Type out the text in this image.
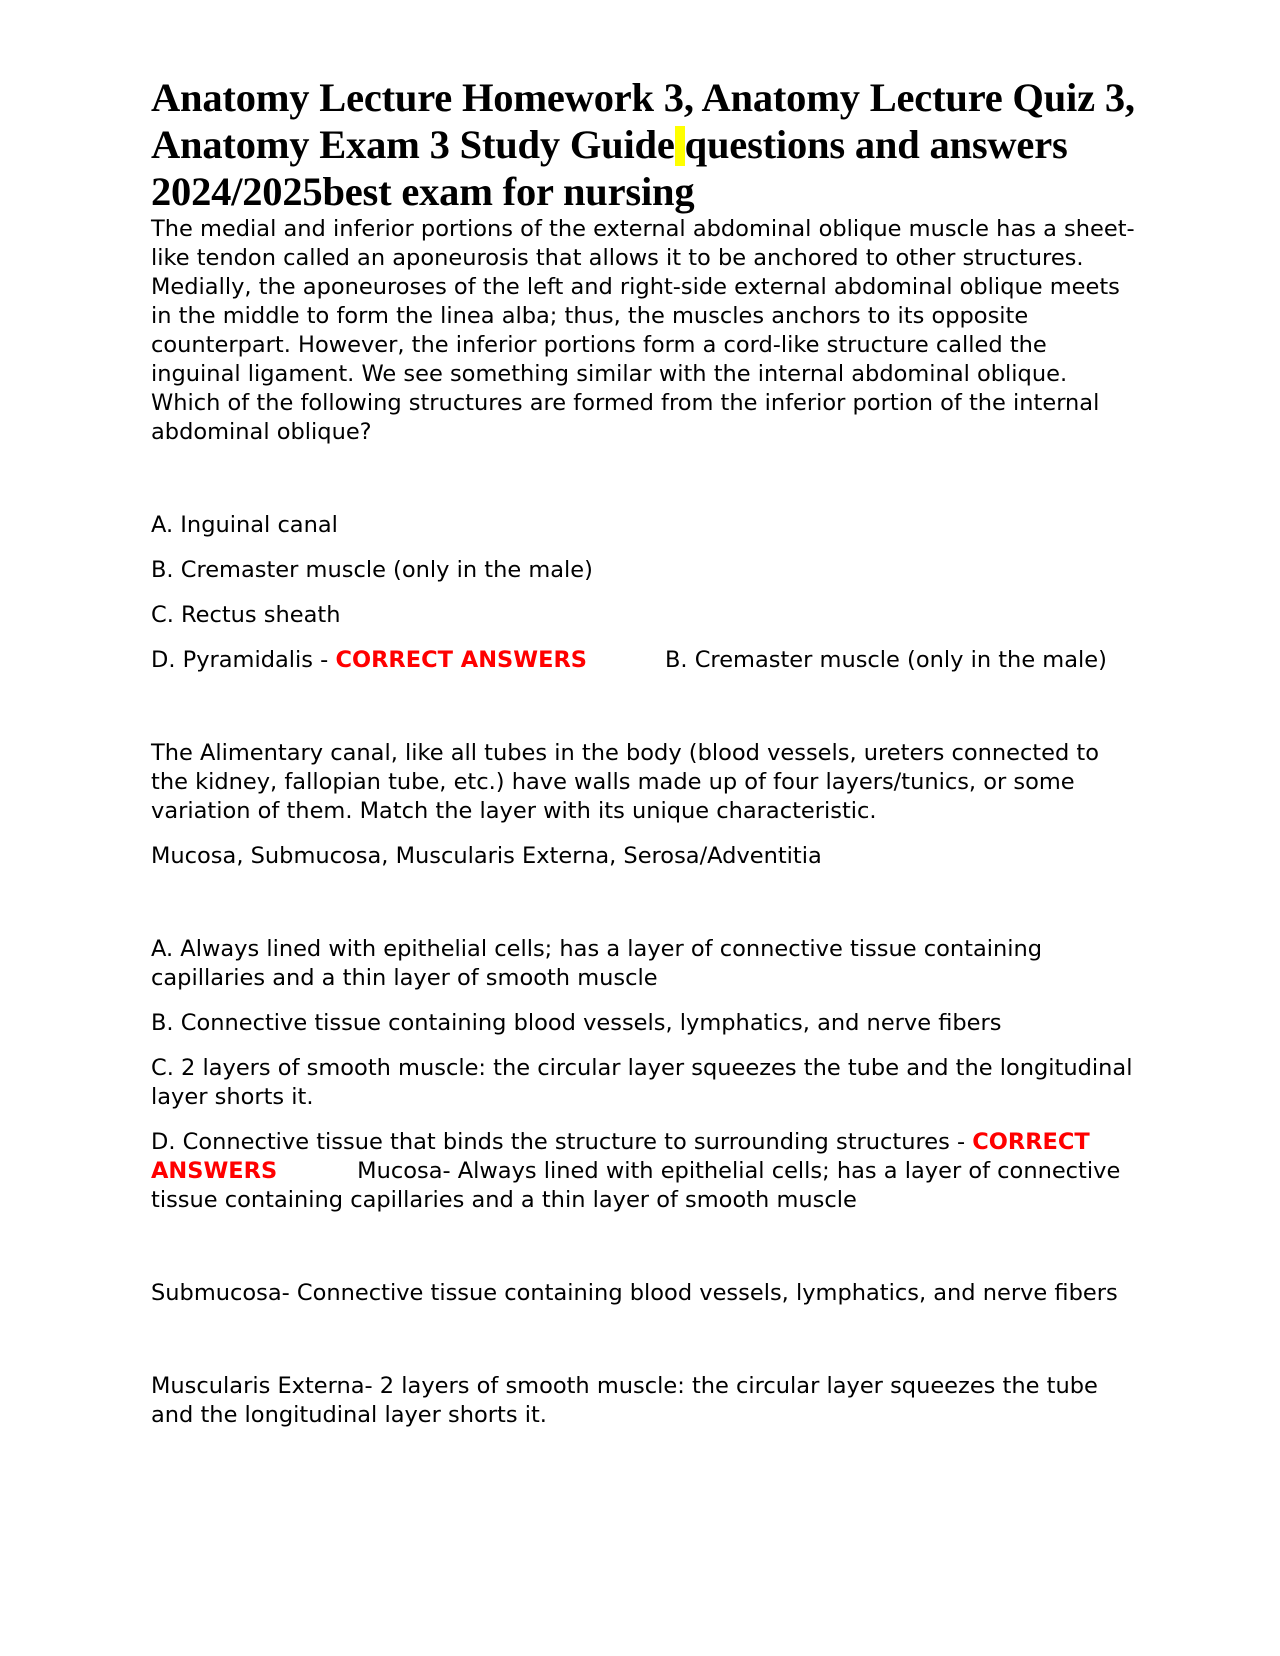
Anatomy Lecture Homework 3, Anatomy Lecture Quiz 3, Anatomy Exam 3 Study Guide questions and answers 2024/2025best exam for nursing

The medial and inferior portions of the external abdominal oblique muscle has a sheet-like tendon called an aponeurosis that allows it to be anchored to other structures. Medially, the aponeuroses of the left and right-side external abdominal oblique meets in the middle to form the linea alba; thus, the muscles anchors to its opposite counterpart. However, the inferior portions form a cord-like structure called the inguinal ligament. We see something similar with the internal abdominal oblique. Which of the following structures are formed from the inferior portion of the internal abdominal oblique?

A. Inguinal canal

B. Cremaster muscle (only in the male)

C. Rectus sheath

D. Pyramidalis - CORRECT ANSWERS	B. Cremaster muscle (only in the male)

The Alimentary canal, like all tubes in the body (blood vessels, ureters connected to the kidney, fallopian tube, etc.) have walls made up of four layers/tunics, or some variation of them. Match the layer with its unique characteristic.

Mucosa, Submucosa, Muscularis Externa, Serosa/Adventitia

A. Always lined with epithelial cells; has a layer of connective tissue containing capillaries and a thin layer of smooth muscle

B. Connective tissue containing blood vessels, lymphatics, and nerve fibers

C. 2 layers of smooth muscle: the circular layer squeezes the tube and the longitudinal layer shorts it.

D. Connective tissue that binds the structure to surrounding structures - CORRECT ANSWERS	Mucosa- Always lined with epithelial cells; has a layer of connective tissue containing capillaries and a thin layer of smooth muscle

Submucosa- Connective tissue containing blood vessels, lymphatics, and nerve fibers

Muscularis Externa- 2 layers of smooth muscle: the circular layer squeezes the tube and the longitudinal layer shorts it.
